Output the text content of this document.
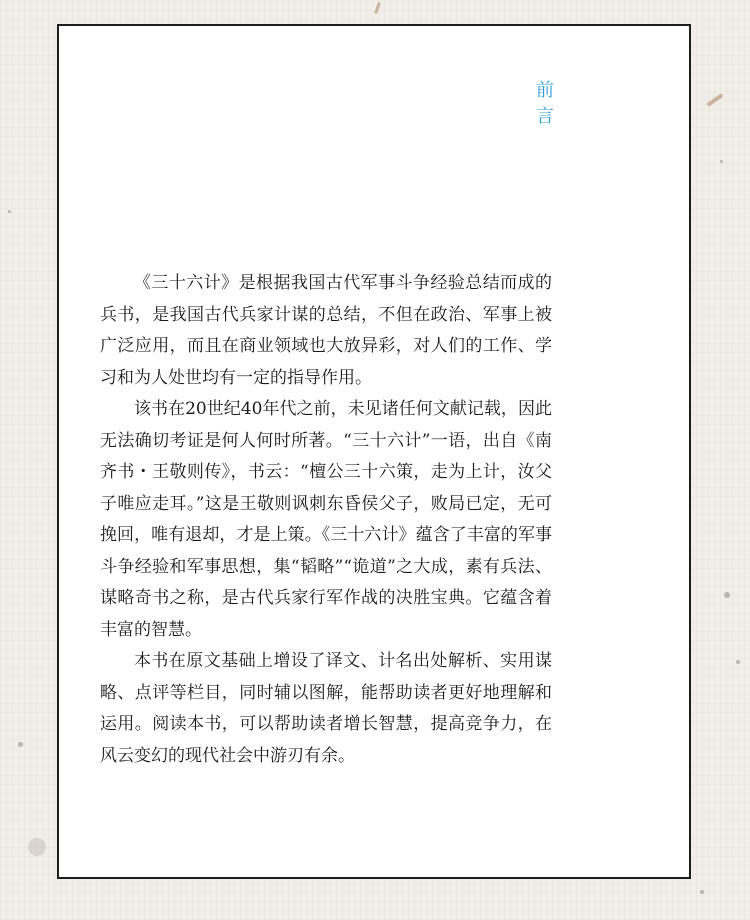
前
言

《三十六计》是根据我国古代军事斗争经验总结而成的兵书，是我国古代兵家计谋的总结，不但在政治、军事上被广泛应用，而且在商业领域也大放异彩，对人们的工作、学习和为人处世均有一定的指导作用。

该书在20世纪40年代之前，未见诸任何文献记载，因此无法确切考证是何人何时所著。“三十六计”一语，出自《南齐书・王敬则传》，书云：“檀公三十六策，走为上计，汝父子唯应走耳。”这是王敬则讽刺东昏侯父子，败局已定，无可挽回，唯有退却，才是上策。《三十六计》蕴含了丰富的军事斗争经验和军事思想，集“韬略”“诡道”之大成，素有兵法、谋略奇书之称，是古代兵家行军作战的决胜宝典。它蕴含着丰富的智慧。

本书在原文基础上增设了译文、计名出处解析、实用谋略、点评等栏目，同时辅以图解，能帮助读者更好地理解和运用。阅读本书，可以帮助读者增长智慧，提高竞争力，在风云变幻的现代社会中游刃有余。
